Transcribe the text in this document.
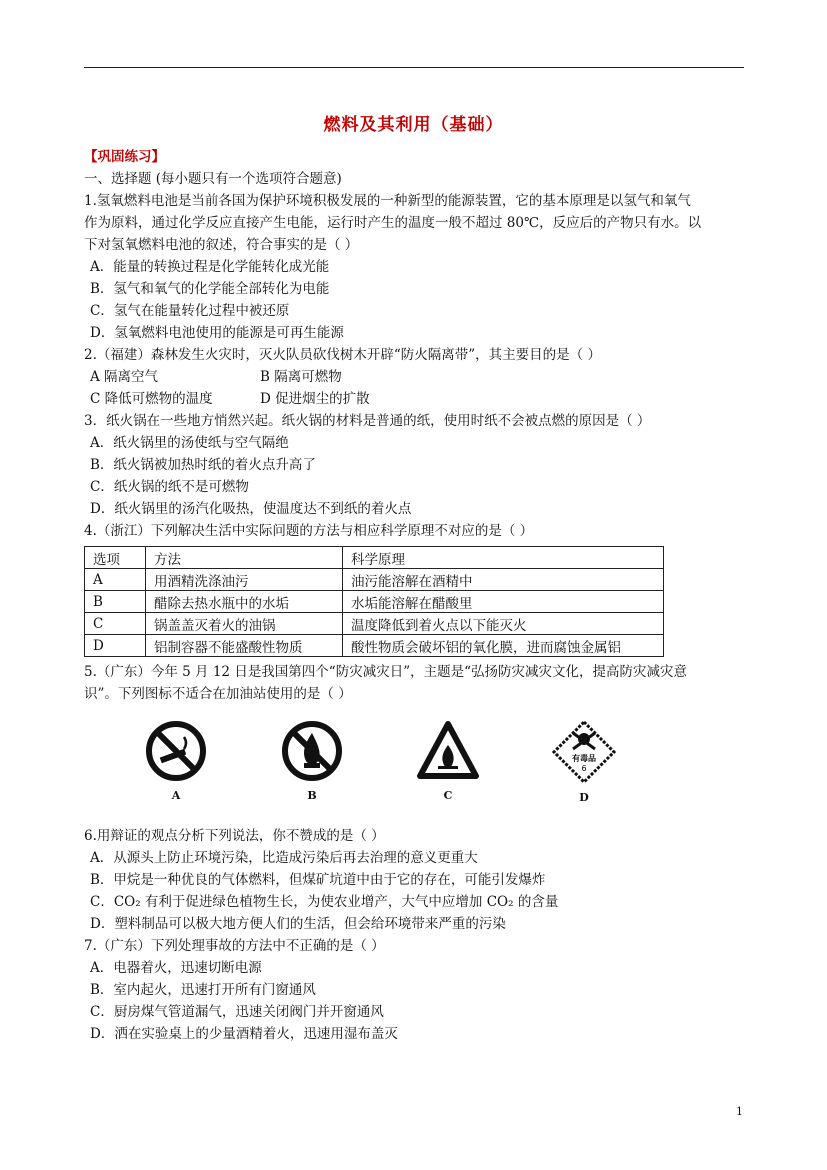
燃料及其利用（基础）
【巩固练习】
一、选择题 (每小题只有一个选项符合题意)
1.氢氧燃料电池是当前各国为保护环境积极发展的一种新型的能源装置，它的基本原理是以氢气和氧气
作为原料，通过化学反应直接产生电能，运行时产生的温度一般不超过 80℃，反应后的产物只有水。以
下对氢氧燃料电池的叙述，符合事实的是（ ）
A．能量的转换过程是化学能转化成光能
B．氢气和氧气的化学能全部转化为电能
C．氢气在能量转化过程中被还原
D．氢氧燃料电池使用的能源是可再生能源
2.（福建）森林发生火灾时，灭火队员砍伐树木开辟“防火隔离带”，其主要目的是（ ）
A 隔离空气	B 隔离可燃物
C 降低可燃物的温度	D 促进烟尘的扩散
3．纸火锅在一些地方悄然兴起。纸火锅的材料是普通的纸，使用时纸不会被点燃的原因是（ ）
A．纸火锅里的汤使纸与空气隔绝
B．纸火锅被加热时纸的着火点升高了
C．纸火锅的纸不是可燃物
D．纸火锅里的汤汽化吸热，使温度达不到纸的着火点
4.（浙江）下列解决生活中实际问题的方法与相应科学原理不对应的是（ ）
选项	方法	科学原理
A	用酒精洗涤油污	油污能溶解在酒精中
B	醋除去热水瓶中的水垢	水垢能溶解在醋酸里
C	锅盖盖灭着火的油锅	温度降低到着火点以下能灭火
D	铝制容器不能盛酸性物质	酸性物质会破坏铝的氧化膜，进而腐蚀金属铝
5.（广东）今年 5 月 12 日是我国第四个“防灾减灾日”，主题是“弘扬防灾减灾文化，提高防灾减灾意
识”。下列图标不适合在加油站使用的是（ ）
A	B	C
有毒品
6
D
6.用辩证的观点分析下列说法，你不赞成的是（ ）
A．从源头上防止环境污染，比造成污染后再去治理的意义更重大
B．甲烷是一种优良的气体燃料，但煤矿坑道中由于它的存在，可能引发爆炸
C．CO₂ 有利于促进绿色植物生长，为使农业增产，大气中应增加 CO₂ 的含量
D．塑料制品可以极大地方便人们的生活，但会给环境带来严重的污染
7.（广东）下列处理事故的方法中不正确的是（ ）
A．电器着火，迅速切断电源
B．室内起火，迅速打开所有门窗通风
C．厨房煤气管道漏气，迅速关闭阀门并开窗通风
D．洒在实验桌上的少量酒精着火，迅速用湿布盖灭
1
